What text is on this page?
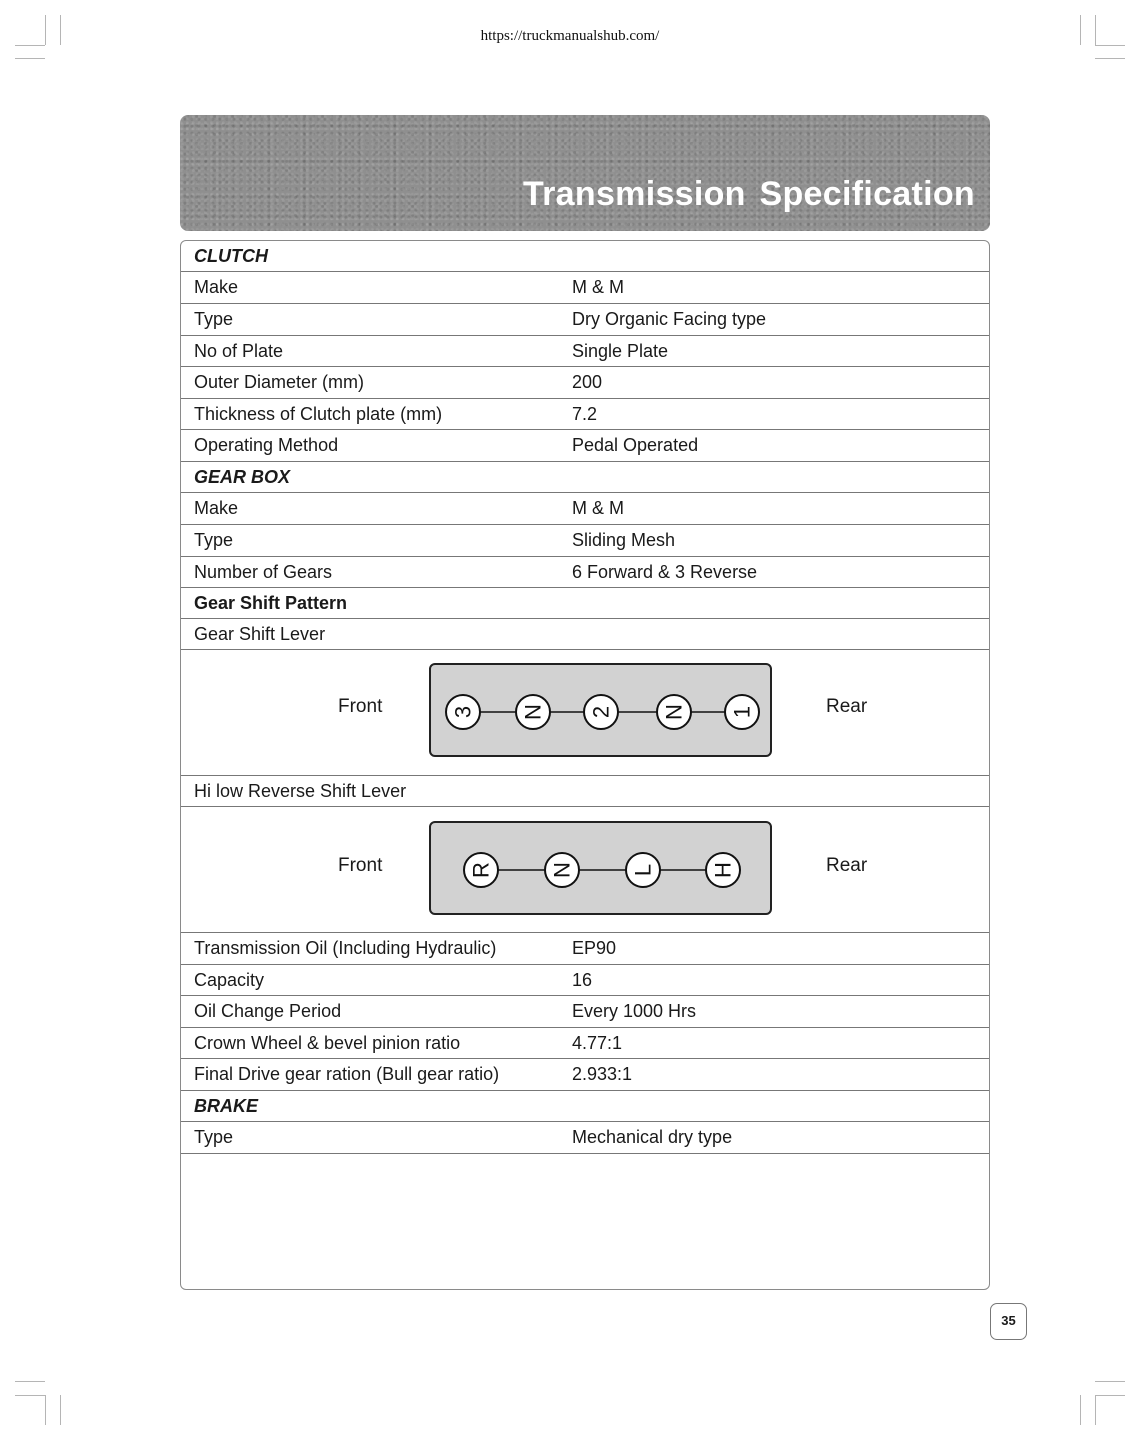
https://truckmanualshub.com/
Transmission Specification
CLUTCH
Make	M & M
Type	Dry Organic Facing type
No of Plate	Single Plate
Outer Diameter (mm)	200
Thickness of Clutch plate (mm)	7.2
Operating Method	Pedal Operated
GEAR BOX
Make	M & M
Type	Sliding Mesh
Number of Gears	6 Forward & 3 Reverse
Gear Shift Pattern
Gear Shift Lever
Front	3 N 2 N 1	Rear
Hi low Reverse Shift Lever
Front	R	N	L	H	Rear
Transmission Oil (Including Hydraulic)	EP90
Capacity	16
Oil Change Period	Every 1000 Hrs
Crown Wheel & bevel pinion ratio	4.77:1
Final Drive gear ration (Bull gear ratio)	2.933:1
BRAKE
Type	Mechanical dry type
35
